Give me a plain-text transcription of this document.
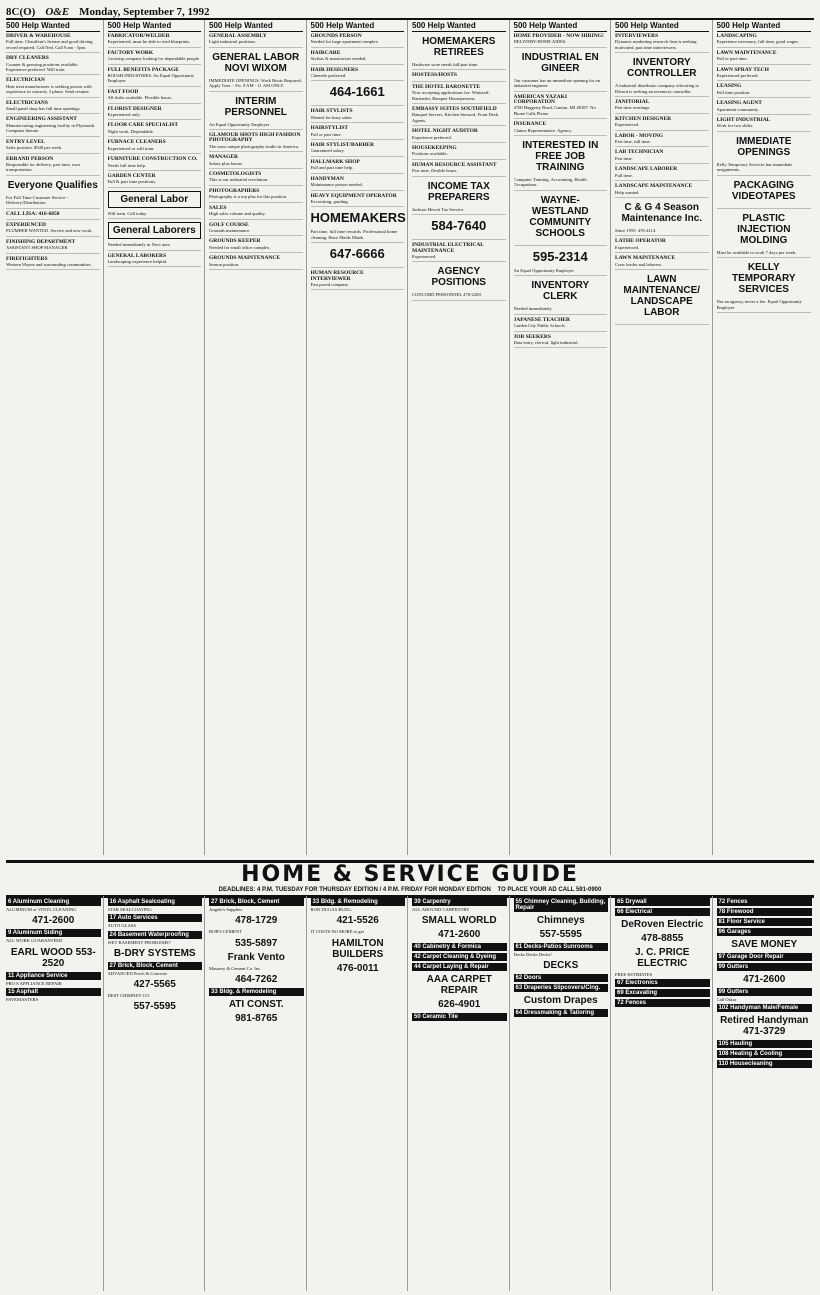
8C(O) O&E Monday, September 7, 1992
500 Help Wanted
DRIVER & WAREHOUSE
Full time. Chauffeur's license and good driving record required. Call Ned. Call 9 am - 5pm.
DRY CLEANERS
Counter & pressing positions available. Experience preferred. Will train.
ELECTRICIAN
Heat treat manufacturer is seeking person with experience in controls, 3 phase. Send resume.
ELECTRICIANS
Small panel shop has full time openings.
ENGINEERING ASSISTANT
Manufacturing engineering facility in Plymouth. Computer literate.
ENTRY LEVEL
Sales position. $540 per week.
ERRAND PERSON
Responsible for delivery, part time, own transportation.
Everyone Qualifies
For Full Time Customer Service - Delivery/Distribution
CALL LISA: 416-6850
EXPERIENCED
PLUMBER WANTED. Service and new work.
FINISHING DEPARTMENT
ASSISTANT SHOP MANAGER
FIREFIGHTERS
Western Wayne and surrounding communities.
500 Help Wanted
FABRICATOR/WELDER
Experienced, must be able to read blueprints.
FACTORY WORK
Growing company looking for dependable people.
FULL BENEFITS PACKAGE
ROUSH INDUSTRIES. An Equal Opportunity Employer.
FAST FOOD
All shifts available. Flexible hours.
FLORIST DESIGNER
Experienced only.
FLOOR CARE SPECIALIST
Night work. Dependable.
FURNACE CLEANERS
Experienced or will train.
FURNITURE CONSTRUCTION CO.
Needs full time help.
GARDEN CENTER
Full & part time positions.
General Labor
Will train. Call today.
General Laborers
Needed immediately in Novi area.
GENERAL LABORERS
Landscaping experience helpful.
500 Help Wanted
GENERAL ASSEMBLY
Light industrial positions.
GENERAL LABOR NOVI WIXOM
IMMEDIATE OPENINGS. Work Boots Required. Apply Tues. - Fri. 9 AM - 11 AM ONLY.
INTERIM PERSONNEL
An Equal Opportunity Employer
GLAMOUR SHOTS HIGH FASHION PHOTOGRAPHY
The most unique photography studio in America.
MANAGER
Salary plus bonus.
COSMETOLOGISTS
This is our industrial revolution.
PHOTOGRAPHERS
Photography is a top plus for this position.
SALES
High sales volume and quality.
GOLF COURSE
Grounds maintenance.
GROUNDS KEEPER
Needed for small office complex.
GROUNDS MAINTENANCE
Season position.
500 Help Wanted
GROUNDS PERSON
Needed for large apartment complex.
HAIRCARE
Stylists & manicurists needed.
HAIR DESIGNERS
Clientele preferred.
464-1661
HAIR STYLISTS
Wanted for busy salon.
HAIRSTYLIST
Full or part time.
HAIR STYLIST/BARBER
Guaranteed salary.
HALLMARK SHOP
Full and part time help.
HANDYMAN
Maintenance person needed.
HEAVY EQUIPMENT OPERATOR
Excavating, grading.
HOMEMAKERS
Part time, full time rewards. Professional home cleaning. Have Maids Maids
647-6666
HUMAN RESOURCE INTERVIEWER
Fast paced company.
500 Help Wanted
HOMEMAKERS RETIREES
Hardware store needs full/part time.
HOSTESS/HOSTS
THE HOTEL BARONETTE
Now accepting applications for: Waitstaff, Bartender, Banquet Housepersons.
EMBASSY SUITES SOUTHFIELD
Banquet Servers, Kitchen Steward, Front Desk Agents.
HOTEL NIGHT AUDITOR
Experience preferred.
HOUSEKEEPING
Positions available.
HUMAN RESOURCE ASSISTANT
Part time, flexible hours.
INCOME TAX PREPARERS
Jackson Hewitt Tax Service.
584-7640
INDUSTRIAL ELECTRICAL MAINTENANCE
Experienced.
AGENCY POSITIONS
CONCORD PERSONNEL 478-2200
500 Help Wanted
HOME PROVIDER - NOW HIRING!
DELIVERY/HOME AIDES.
INDUSTRIAL EN GINEER
Our customer has an immediate opening for an industrial engineer.
AMERICAN YAZAKI CORPORATION
6700 Haggerty Road, Canton, MI 48187. No Phone Calls Please
INSURANCE
Claims Representative. Agency.
INTERESTED IN FREE JOB TRAINING
Computer Training, Accounting, Health Occupations.
WAYNE-WESTLAND COMMUNITY SCHOOLS
595-2314
An Equal Opportunity Employer
INVENTORY CLERK
Needed immediately.
JAPANESE TEACHER
Garden City Public Schools.
JOB SEEKERS
Data entry, clerical, light industrial.
500 Help Wanted
INTERVIEWERS
Dynamic marketing research firm is seeking motivated, part time interviewers.
INVENTORY CONTROLLER
A industrial distributor company relocating to Detroit is seeking an inventory controller.
JANITORIAL
Part time evenings.
KITCHEN DESIGNER
Experienced.
LABOR - MOVING
Part time, full time.
LAB TECHNICIAN
Part time.
LANDSCAPE LABORER
Full time.
LANDSCAPE MAINTENANCE
Help wanted.
C & G 4 Season Maintenance Inc.
Since 1959. 476-4114
LATHE OPERATOR
Experienced.
LAWN MAINTENANCE
Crew leader and laborers.
LAWN MAINTENANCE/ LANDSCAPE LABOR
500 Help Wanted
LANDSCAPING
Experience necessary, full time, good wages.
LAWN MAINTENANCE
Full or part time.
LAWN SPRAY TECH
Experienced preferred.
LEASING
Full time position.
LEASING AGENT
Apartment community.
LIGHT INDUSTRIAL
Work for two shifts.
IMMEDIATE OPENINGS
Kelly Temporary Services has immediate assignments.
PACKAGING VIDEOTAPES
PLASTIC INJECTION MOLDING
Must be available to work 7 days per week.
KELLY TEMPORARY SERVICES
Not an agency, never a fee. Equal Opportunity Employer
HOME & SERVICE GUIDE
DEADLINES: 4 P.M. TUESDAY FOR THURSDAY EDITION / 4 P.M. FRIDAY FOR MONDAY EDITION TO PLACE YOUR AD CALL 591-0900
6 Aluminum Cleaning
ALUMINUM or VINYL CLEANING
471-2600
9 Aluminum Siding
ALL WORK GUARANTEED
EARL WOOD 553-2520
11 Appliance Service
PRO S APPLIANCE REPAIR
15 Asphalt
PAVEMASTERS
16 Asphalt Sealcoating
STAR SEALCOATING
17 Auto Services
AUTO GLASS
24 Basement Waterproofing
WET BASEMENT PROBLEMS?
B-DRY SYSTEMS
27 Brick, Block, Cement
ADVANCED Porch & Concrete
427-5565
DEST CHIMNEY CO.
557-5595
27 Brick, Block, Cement
Angelo's Supplies
478-1729
BOB'S CEMENT
535-5897
Frank Vento
Masonry & Cement Co. Inc.
464-7262
33 Bldg. & Remodeling
ATI CONST.
981-8765
33 Bldg. & Remodeling
RON DUGAS BLDG.
421-5526
IT COSTS NO MORE to get
HAMILTON BUILDERS
476-0011
39 Carpentry
ALL AROUND CARPENTRY
SMALL WORLD
471-2600
40 Cabinetry & Formica
42 Carpet Cleaning & Dyeing
44 Carpet Laying & Repair
AAA CARPET REPAIR
626-4901
50 Ceramic Tile
55 Chimney Cleaning, Building, Repair
Chimneys
557-5595
61 Decks-Patios Sunrooms
Decks Decks Decks!
DECKS
62 Doors
63 Draperies Slipcovers/Cing.
Custom Drapes
64 Dressmaking & Tailoring
65 Drywall
66 Electrical
DeRoven Electric
478-8855
J. C. PRICE ELECTRIC
FREE ESTIMATES
67 Electronics
69 Excavating
72 Fences
72 Fences
78 Firewood
81 Floor Service
96 Garages
SAVE MONEY
97 Garage Door Repair
99 Gutters
471-2600
99 Gutters
Call Oskar
102 Handyman Male/Female
Retired Handyman 471-3729
105 Hauling
108 Heating & Cooling
110 Housecleaning
